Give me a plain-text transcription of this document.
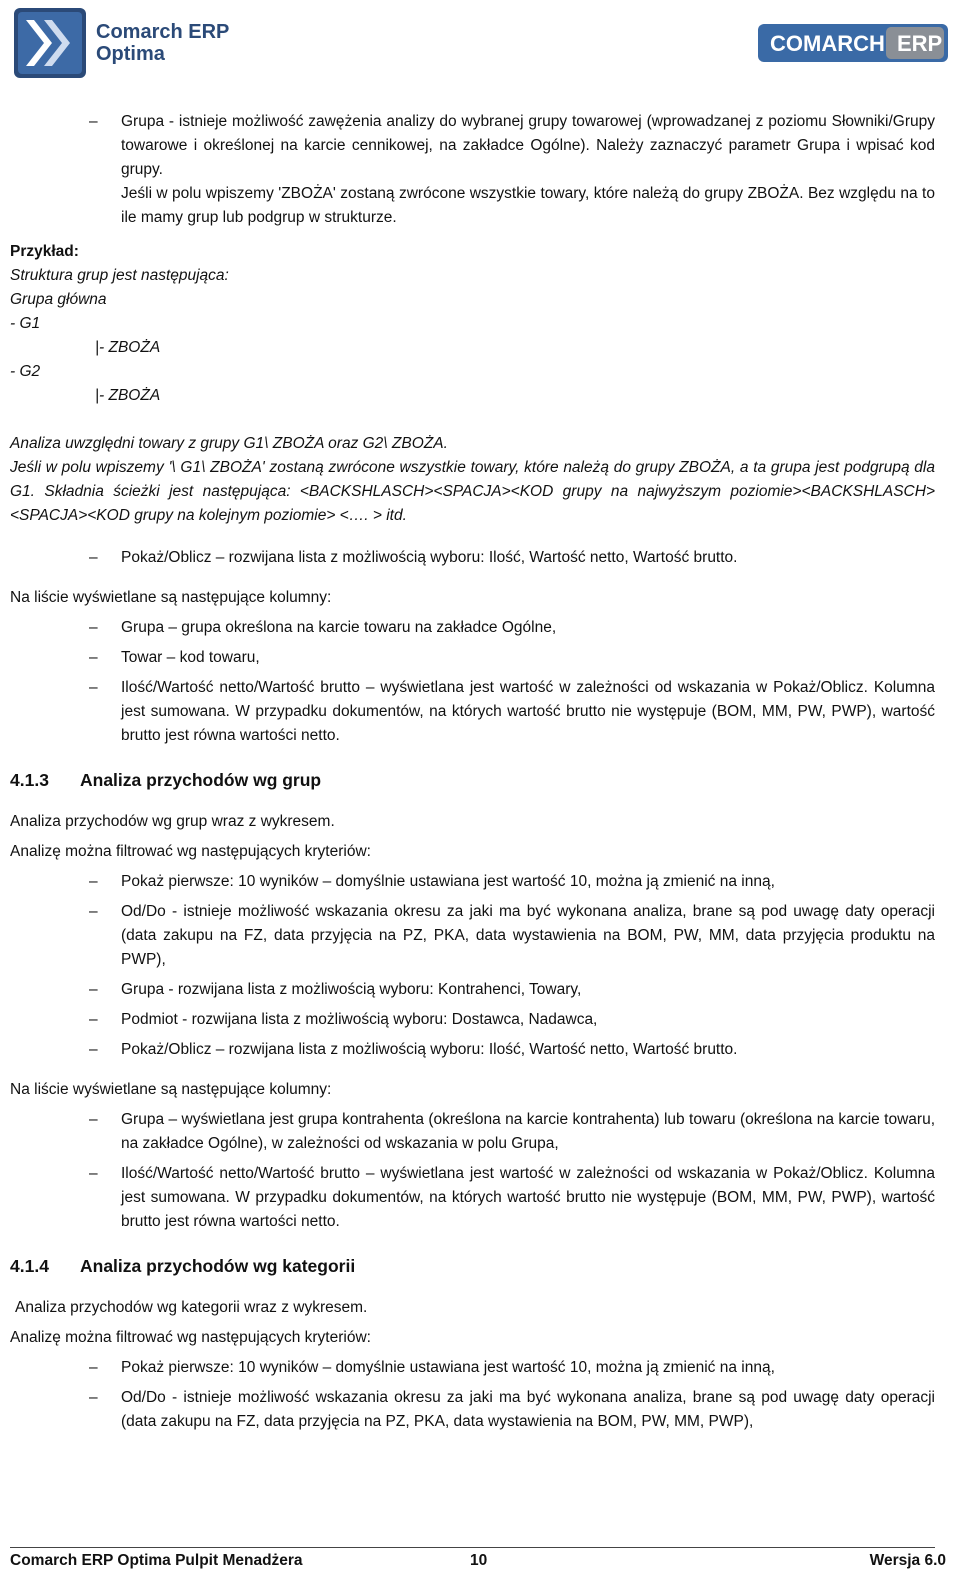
Comarch ERP
Optima	COMARCH ERP
– Grupa - istnieje możliwość zawężenia analizy do wybranej grupy towarowej (wprowadzanej z poziomu Słowniki/Grupy towarowe i określonej na karcie cennikowej, na zakładce Ogólne). Należy zaznaczyć parametr Grupa i wpisać kod grupy.
Jeśli w polu wpiszemy 'ZBOŻA' zostaną zwrócone wszystkie towary, które należą do grupy ZBOŻA. Bez względu na to ile mamy grup lub podgrup w strukturze.
Przykład:
Struktura grup jest następująca:
Grupa główna
- G1
|- ZBOŻA
- G2
|- ZBOŻA
Analiza uwzględni towary z grupy G1\ ZBOŻA oraz G2\ ZBOŻA.
Jeśli w polu wpiszemy '\ G1\ ZBOŻA' zostaną zwrócone wszystkie towary, które należą do grupy ZBOŻA, a ta grupa jest podgrupą dla G1. Składnia ścieżki jest następująca: <BACKSHLASCH><SPACJA><KOD grupy na najwyższym poziomie><BACKSHLASCH><SPACJA><KOD grupy na kolejnym poziomie> <…. > itd.
– Pokaż/Oblicz – rozwijana lista z możliwością wyboru: Ilość, Wartość netto, Wartość brutto.
Na liście wyświetlane są następujące kolumny:
– Grupa – grupa określona na karcie towaru na zakładce Ogólne,
– Towar – kod towaru,
– Ilość/Wartość netto/Wartość brutto – wyświetlana jest wartość w zależności od wskazania w Pokaż/Oblicz. Kolumna jest sumowana. W przypadku dokumentów, na których wartość brutto nie występuje (BOM, MM, PW, PWP), wartość brutto jest równa wartości netto.
4.1.3	Analiza przychodów wg grup
Analiza przychodów wg grup wraz z wykresem.
Analizę można filtrować wg następujących kryteriów:
– Pokaż pierwsze: 10 wyników – domyślnie ustawiana jest wartość 10, można ją zmienić na inną,
– Od/Do - istnieje możliwość wskazania okresu za jaki ma być wykonana analiza, brane są pod uwagę daty operacji (data zakupu na FZ, data przyjęcia na PZ, PKA, data wystawienia na BOM, PW, MM, data przyjęcia produktu na PWP),
– Grupa - rozwijana lista z możliwością wyboru: Kontrahenci, Towary,
– Podmiot - rozwijana lista z możliwością wyboru: Dostawca, Nadawca,
– Pokaż/Oblicz – rozwijana lista z możliwością wyboru: Ilość, Wartość netto, Wartość brutto.
Na liście wyświetlane są następujące kolumny:
– Grupa – wyświetlana jest grupa kontrahenta (określona na karcie kontrahenta) lub towaru (określona na karcie towaru, na zakładce Ogólne), w zależności od wskazania w polu Grupa,
– Ilość/Wartość netto/Wartość brutto – wyświetlana jest wartość w zależności od wskazania w Pokaż/Oblicz. Kolumna jest sumowana. W przypadku dokumentów, na których wartość brutto nie występuje (BOM, MM, PW, PWP), wartość brutto jest równa wartości netto.
4.1.4	Analiza przychodów wg kategorii
Analiza przychodów wg kategorii wraz z wykresem.
Analizę można filtrować wg następujących kryteriów:
– Pokaż pierwsze: 10 wyników – domyślnie ustawiana jest wartość 10, można ją zmienić na inną,
– Od/Do - istnieje możliwość wskazania okresu za jaki ma być wykonana analiza, brane są pod uwagę daty operacji (data zakupu na FZ, data przyjęcia na PZ, PKA, data wystawienia na BOM, PW, MM, PWP),
Comarch ERP Optima Pulpit Menadżera	10	Wersja 6.0
